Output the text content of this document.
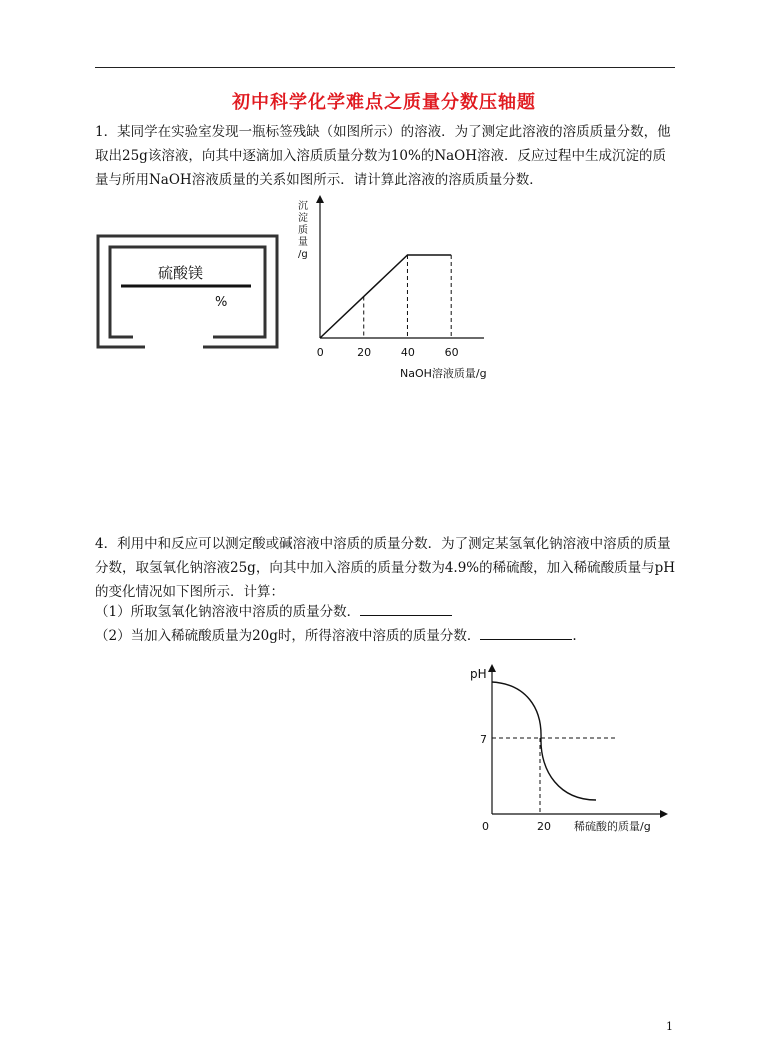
初中科学化学难点之质量分数压轴题
1．某同学在实验室发现一瓶标签残缺（如图所示）的溶液．为了测定此溶液的溶质质量分数，他取出25g该溶液，向其中逐滴加入溶质质量分数为10%的NaOH溶液．反应过程中生成沉淀的质量与所用NaOH溶液质量的关系如图所示．请计算此溶液的溶质质量分数．
硫酸镁
%
沉
淀
质
量
/g
0	20	40	60
NaOH溶液质量/g
4．利用中和反应可以测定酸或碱溶液中溶质的质量分数．为了测定某氢氧化钠溶液中溶质的质量分数，取氢氧化钠溶液25g，向其中加入溶质的质量分数为4.9%的稀硫酸，加入稀硫酸质量与pH的变化情况如下图所示．计算：
（1）所取氢氧化钠溶液中溶质的质量分数．
（2）当加入稀硫酸质量为20g时，所得溶液中溶质的质量分数．	.
pH
7
0	20 稀硫酸的质量/g
1
